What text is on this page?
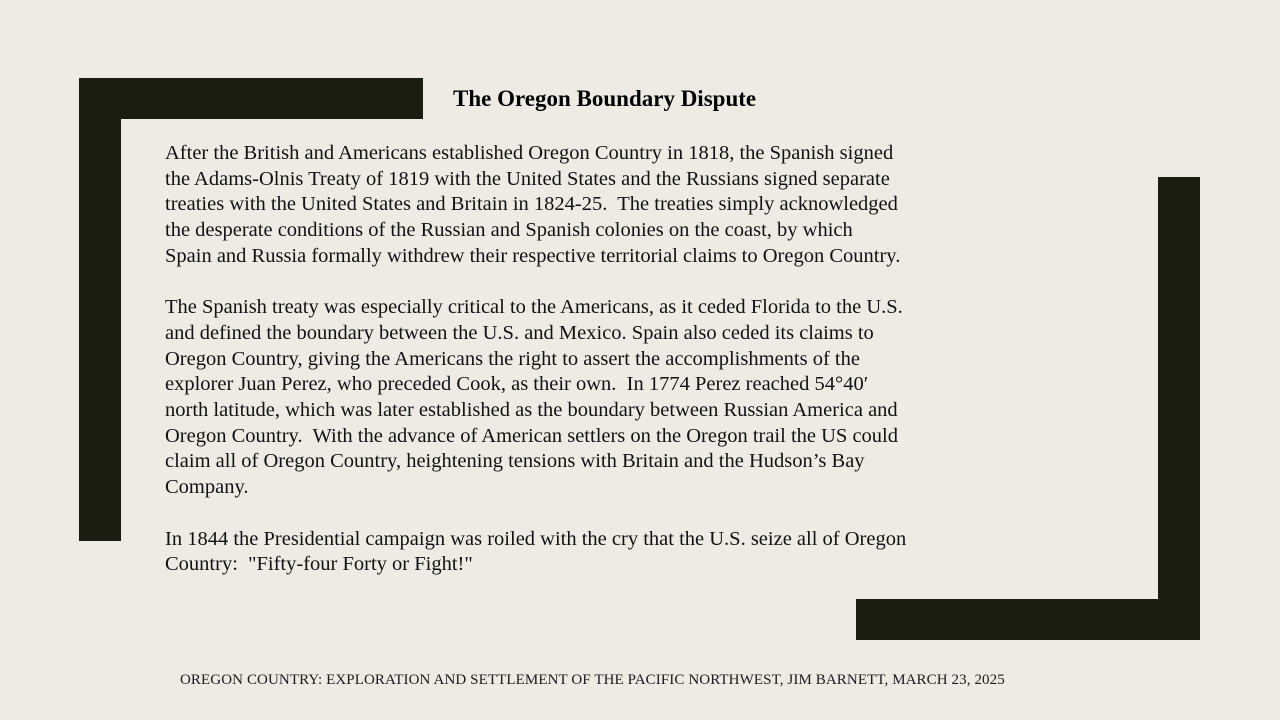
The Oregon Boundary Dispute

After the British and Americans established Oregon Country in 1818, the Spanish signed
the Adams-Olnis Treaty of 1819 with the United States and the Russians signed separate
treaties with the United States and Britain in 1824-25.  The treaties simply acknowledged
the desperate conditions of the Russian and Spanish colonies on the coast, by which
Spain and Russia formally withdrew their respective territorial claims to Oregon Country.

The Spanish treaty was especially critical to the Americans, as it ceded Florida to the U.S.
and defined the boundary between the U.S. and Mexico. Spain also ceded its claims to
Oregon Country, giving the Americans the right to assert the accomplishments of the
explorer Juan Perez, who preceded Cook, as their own.  In 1774 Perez reached 54°40′
north latitude, which was later established as the boundary between Russian America and
Oregon Country.  With the advance of American settlers on the Oregon trail the US could
claim all of Oregon Country, heightening tensions with Britain and the Hudson’s Bay
Company.

In 1844 the Presidential campaign was roiled with the cry that the U.S. seize all of Oregon
Country:  "Fifty-four Forty or Fight!"

OREGON COUNTRY: EXPLORATION AND SETTLEMENT OF THE PACIFIC NORTHWEST, JIM BARNETT, MARCH 23, 2025
